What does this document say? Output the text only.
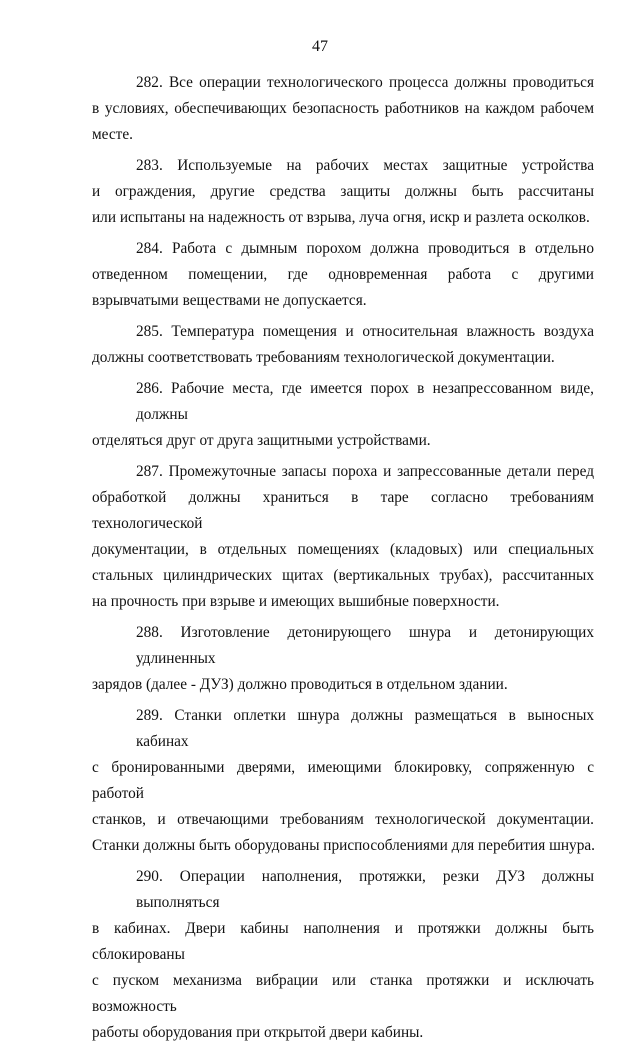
47

282. Все операции технологического процесса должны проводиться
в условиях, обеспечивающих безопасность работников на каждом рабочем
месте.

283. Используемые на рабочих местах защитные устройства
и ограждения, другие средства защиты должны быть рассчитаны
или испытаны на надежность от взрыва, луча огня, искр и разлета осколков.

284. Работа с дымным порохом должна проводиться в отдельно
отведенном помещении, где одновременная работа с другими
взрывчатыми веществами не допускается.

285. Температура помещения и относительная влажность воздуха
должны соответствовать требованиям технологической документации.

286. Рабочие места, где имеется порох в незапрессованном виде, должны
отделяться друг от друга защитными устройствами.

287. Промежуточные запасы пороха и запрессованные детали перед
обработкой должны храниться в таре согласно требованиям технологической
документации, в отдельных помещениях (кладовых) или специальных
стальных цилиндрических щитах (вертикальных трубах), рассчитанных
на прочность при взрыве и имеющих вышибные поверхности.

288. Изготовление детонирующего шнура и детонирующих удлиненных
зарядов (далее - ДУЗ) должно проводиться в отдельном здании.

289. Станки оплетки шнура должны размещаться в выносных кабинах
с бронированными дверями, имеющими блокировку, сопряженную с работой
станков, и отвечающими требованиям технологической документации.
Станки должны быть оборудованы приспособлениями для перебития шнура.

290. Операции наполнения, протяжки, резки ДУЗ должны выполняться
в кабинах. Двери кабины наполнения и протяжки должны быть сблокированы
с пуском механизма вибрации или станка протяжки и исключать возможность
работы оборудования при открытой двери кабины.
